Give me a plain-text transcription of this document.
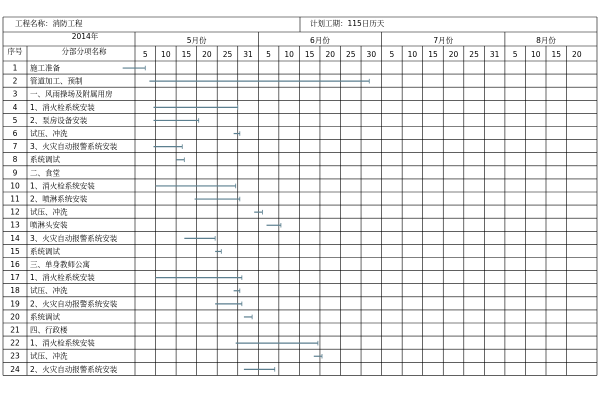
工程名称：消防工程	计划工期：115日历天
2014年
序号	分部分项名称
5月份	6月份	7月份	8月份
5 10 15 20 25 31 5 10 15 20 25 30 5 10 15 20 25 31 5 10 15 20
1 施工准备
2 管道加工、预制
3 一、风雨操场及附属用房
4 1、消火栓系统安装
5 2、泵房设备安装
6 试压、冲洗
7 3、火灾自动报警系统安装
8 系统调试
9 二、食堂
10 1、消火栓系统安装
11 2、喷淋系统安装
12 试压、冲洗
13 喷淋头安装
14 3、火灾自动报警系统安装
15 系统调试
16 三、单身教师公寓
17 1、消火栓系统安装
18 试压、冲洗
19 2、火灾自动报警系统安装
20 系统调试
21 四、行政楼
22 1、消火栓系统安装
23 试压、冲洗
24 2、火灾自动报警系统安装
